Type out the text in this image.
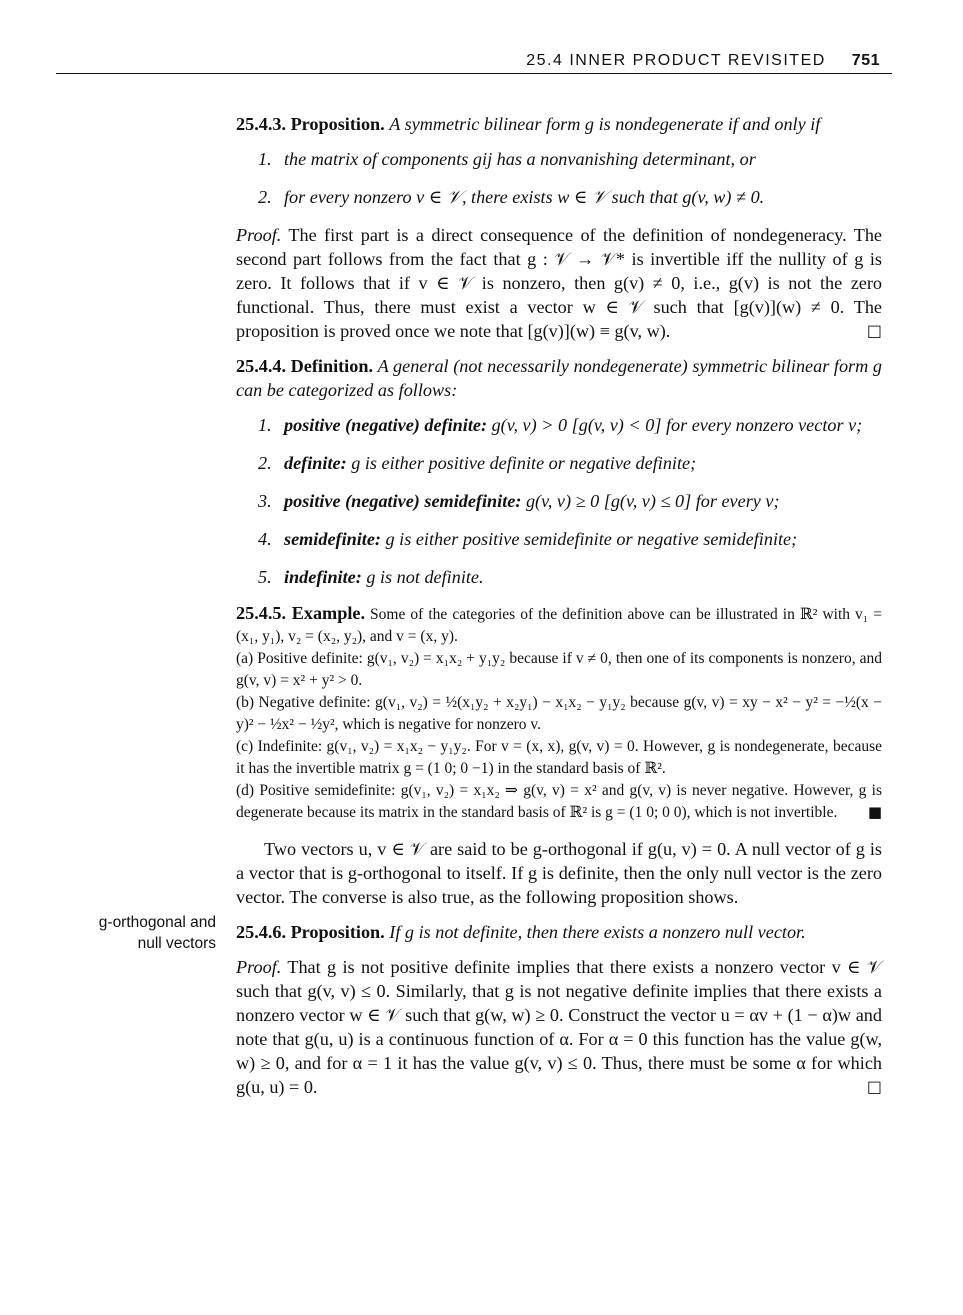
25.4 INNER PRODUCT REVISITED 751
g-orthogonal and
null vectors

25.4.3. Proposition. A symmetric bilinear form g is nondegenerate if and only if

1. the matrix of components gij has a nonvanishing determinant, or
2. for every nonzero v ∈ 𝒱, there exists w ∈ 𝒱 such that g(v, w) ≠ 0.

Proof. The first part is a direct consequence of the definition of nondegeneracy. The second part follows from the fact that g : 𝒱 → 𝒱* is invertible iff the nullity of g is zero. It follows that if v ∈ 𝒱 is nonzero, then g(v) ≠ 0, i.e., g(v) is not the zero functional. Thus, there must exist a vector w ∈ 𝒱 such that [g(v)](w) ≠ 0. The proposition is proved once we note that [g(v)](w) ≡ g(v, w).	□

25.4.4. Definition. A general (not necessarily nondegenerate) symmetric bilinear form g can be categorized as follows:

1. positive (negative) definite: g(v, v) > 0 [g(v, v) < 0] for every nonzero vector v;
2. definite: g is either positive definite or negative definite;
3. positive (negative) semidefinite: g(v, v) ≥ 0 [g(v, v) ≤ 0] for every v;
4. semidefinite: g is either positive semidefinite or negative semidefinite;
5. indefinite: g is not definite.

25.4.5. Example. Some of the categories of the definition above can be illustrated in ℝ² with v₁ = (x₁, y₁), v₂ = (x₂, y₂), and v = (x, y).

(a) Positive definite: g(v₁, v₂) = x₁x₂ + y₁y₂ because if v ≠ 0, then one of its components is nonzero, and g(v, v) = x² + y² > 0.

(b) Negative definite: g(v₁, v₂) = ½(x₁y₂ + x₂y₁) − x₁x₂ − y₁y₂ because g(v, v) = xy − x² − y² = −½(x − y)² − ½x² − ½y², which is negative for nonzero v.

(c) Indefinite: g(v₁, v₂) = x₁x₂ − y₁y₂. For v = (x, x), g(v, v) = 0. However, g is nondegenerate, because it has the invertible matrix g = (1 0; 0 −1) in the standard basis of ℝ².

(d) Positive semidefinite: g(v₁, v₂) = x₁x₂ ⇒ g(v, v) = x² and g(v, v) is never negative. However, g is degenerate because its matrix in the standard basis of ℝ² is g = (1 0; 0 0), which is not invertible. ■

Two vectors u, v ∈ 𝒱 are said to be g-orthogonal if g(u, v) = 0. A null vector of g is a vector that is g-orthogonal to itself. If g is definite, then the only null vector is the zero vector. The converse is also true, as the following proposition shows.

25.4.6. Proposition. If g is not definite, then there exists a nonzero null vector.

Proof. That g is not positive definite implies that there exists a nonzero vector v ∈ 𝒱 such that g(v, v) ≤ 0. Similarly, that g is not negative definite implies that there exists a nonzero vector w ∈ 𝒱 such that g(w, w) ≥ 0. Construct the vector u = αv + (1 − α)w and note that g(u, u) is a continuous function of α. For α = 0 this function has the value g(w, w) ≥ 0, and for α = 1 it has the value g(v, v) ≤ 0. Thus, there must be some α for which g(u, u) = 0.	□
